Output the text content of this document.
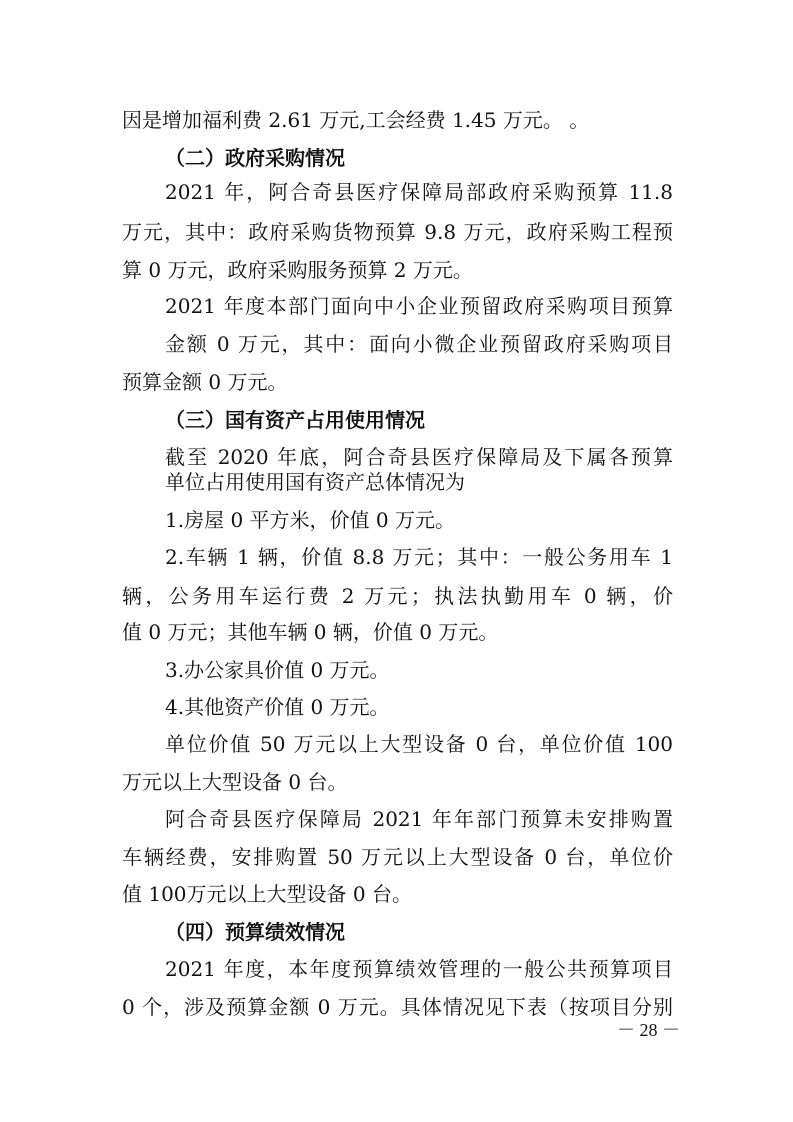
因是增加福利费 2.61 万元,工会经费 1.45 万元。 。
（二）政府采购情况
2021 年，阿合奇县医疗保障局部政府采购预算 11.8
万元，其中：政府采购货物预算 9.8 万元，政府采购工程预
算 0 万元，政府采购服务预算 2 万元。
2021 年度本部门面向中小企业预留政府采购项目预算
金额 0 万元，其中：面向小微企业预留政府采购项目
预算金额 0 万元。
（三）国有资产占用使用情况
截至 2020 年底，阿合奇县医疗保障局及下属各预算
单位占用使用国有资产总体情况为
1.房屋 0 平方米，价值 0 万元。
2.车辆 1 辆，价值 8.8 万元；其中：一般公务用车 1
辆，公务用车运行费 2 万元；执法执勤用车 0 辆，价
值 0 万元；其他车辆 0 辆，价值 0 万元。
3.办公家具价值 0 万元。
4.其他资产价值 0 万元。
单位价值 50 万元以上大型设备 0 台，单位价值 100
万元以上大型设备 0 台。
阿合奇县医疗保障局 2021 年年部门预算未安排购置
车辆经费，安排购置 50 万元以上大型设备 0 台，单位价
值 100万元以上大型设备 0 台。
（四）预算绩效情况
2021 年度，本年度预算绩效管理的一般公共预算项目
0 个，涉及预算金额 0 万元。具体情况见下表（按项目分别
－ 28 －
